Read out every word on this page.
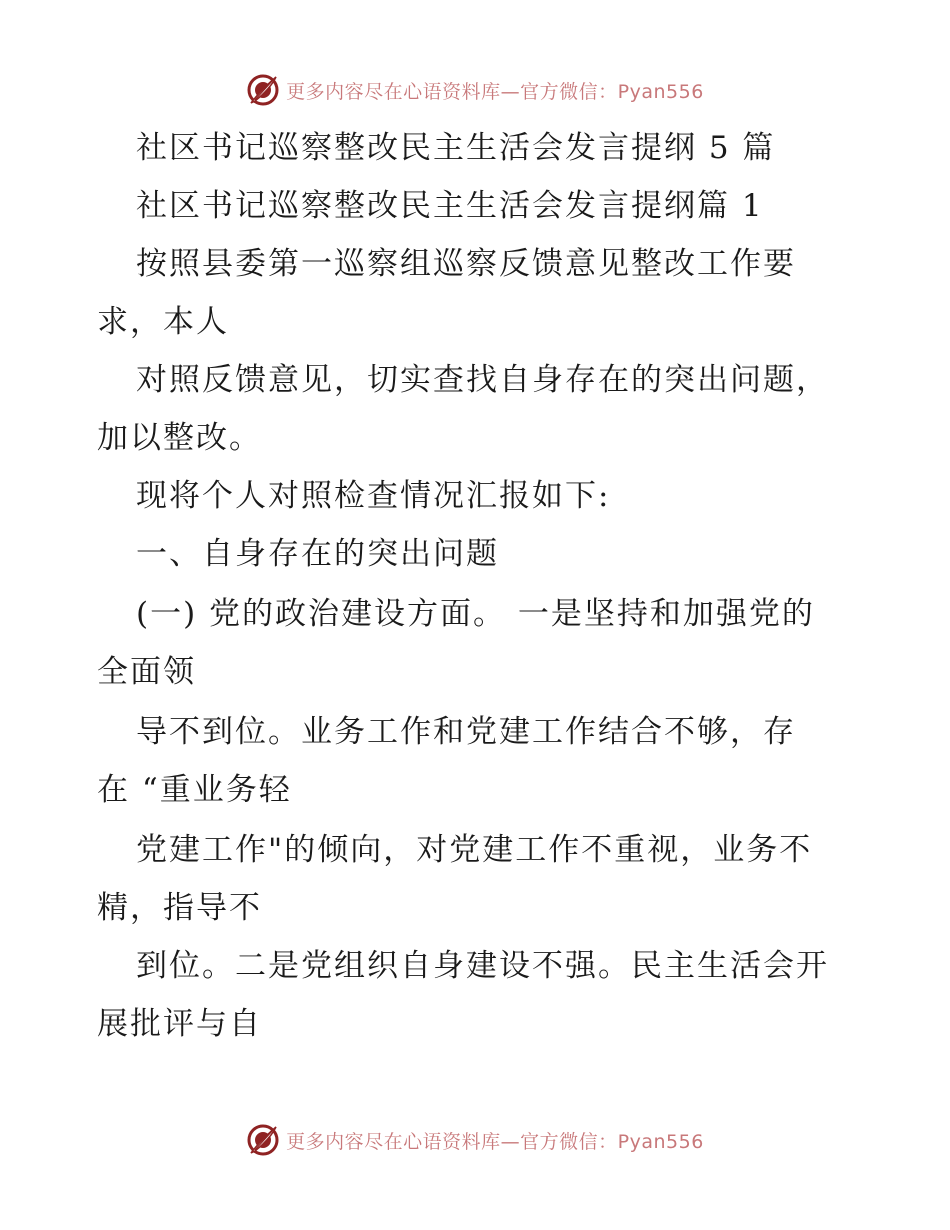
更多内容尽在心语资料库—官方微信：Pyan556
社区书记巡察整改民主生活会发言提纲 5 篇
社区书记巡察整改民主生活会发言提纲篇 1
按照县委第一巡察组巡察反馈意见整改工作要
求，本人
对照反馈意见，切实查找自身存在的突出问题，
加以整改。
现将个人对照检查情况汇报如下:
一、自身存在的突出问题
(一) 党的政治建设方面。 一是坚持和加强党的
全面领
导不到位。业务工作和党建工作结合不够，存
在 “重业务轻
党建工作"的倾向，对党建工作不重视，业务不
精，指导不
到位。二是党组织自身建设不强。民主生活会开
展批评与自
更多内容尽在心语资料库—官方微信：Pyan556
